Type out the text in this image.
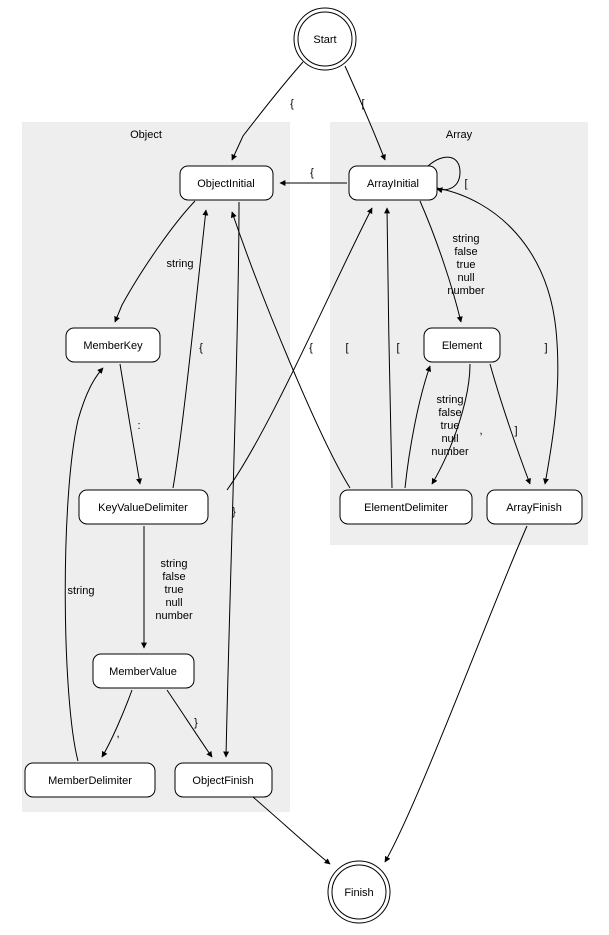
Object	Array
Start
Finish
ObjectInitial	ArrayInitial
MemberKey	Element
KeyValueDelimiter	ElementDelimiter	ArrayFinish
MemberValue
MemberDelimiter	ObjectFinish
{	[
{
[
string
{	{	[	[
string
false
true
null
number
]
string
false
true
null
number
,	]
:
}
string
false
true
null
number
string
,
}
